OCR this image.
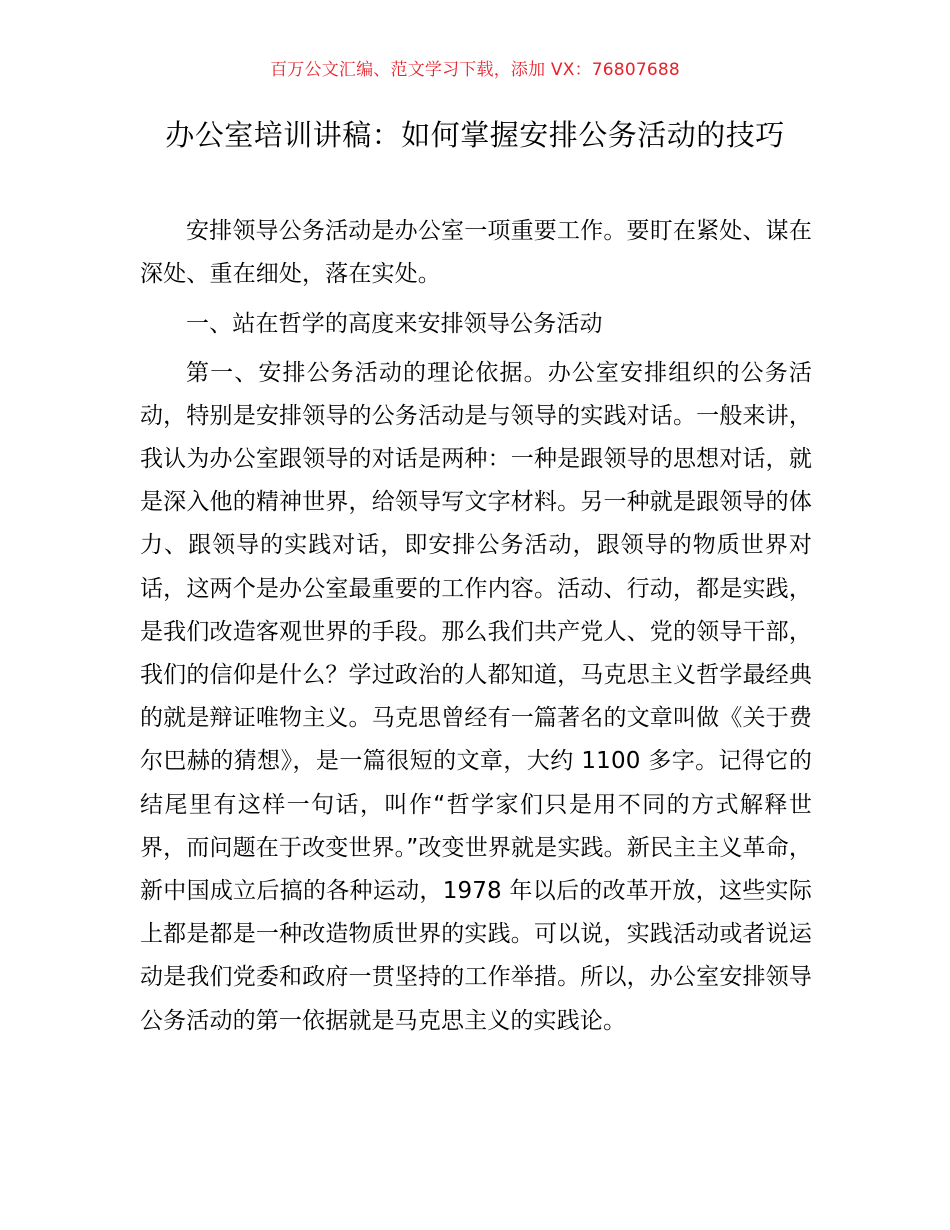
百万公文汇编、范文学习下载，添加 VX：76807688
办公室培训讲稿：如何掌握安排公务活动的技巧

安排领导公务活动是办公室一项重要工作。要盯在紧处、谋在深处、重在细处，落在实处。

一、站在哲学的高度来安排领导公务活动

第一、安排公务活动的理论依据。办公室安排组织的公务活动，特别是安排领导的公务活动是与领导的实践对话。一般来讲，我认为办公室跟领导的对话是两种：一种是跟领导的思想对话，就是深入他的精神世界，给领导写文字材料。另一种就是跟领导的体力、跟领导的实践对话，即安排公务活动，跟领导的物质世界对话，这两个是办公室最重要的工作内容。活动、行动，都是实践，是我们改造客观世界的手段。那么我们共产党人、党的领导干部，我们的信仰是什么？学过政治的人都知道，马克思主义哲学最经典的就是辩证唯物主义。马克思曾经有一篇著名的文章叫做《关于费尔巴赫的猜想》，是一篇很短的文章，大约 1100 多字。记得它的结尾里有这样一句话，叫作“哲学家们只是用不同的方式解释世界，而问题在于改变世界。”改变世界就是实践。新民主主义革命，新中国成立后搞的各种运动，1978 年以后的改革开放，这些实际上都是都是一种改造物质世界的实践。可以说，实践活动或者说运动是我们党委和政府一贯坚持的工作举措。所以，办公室安排领导公务活动的第一依据就是马克思主义的实践论。
